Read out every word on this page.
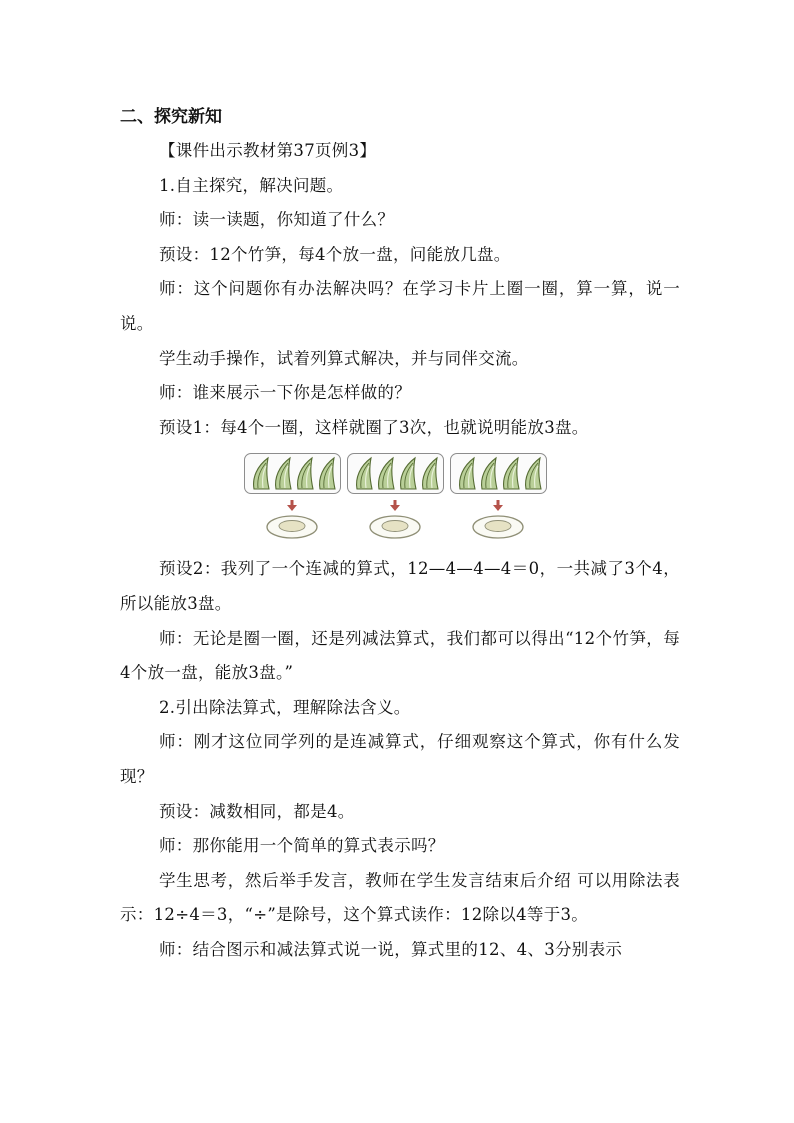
二、探究新知

【课件出示教材第37页例3】

1.自主探究，解决问题。

师：读一读题，你知道了什么？

预设：12个竹笋，每4个放一盘，问能放几盘。

师：这个问题你有办法解决吗？在学习卡片上圈一圈，算一算，说一说。

学生动手操作，试着列算式解决，并与同伴交流。

师：谁来展示一下你是怎样做的？

预设1：每4个一圈，这样就圈了3次，也就说明能放3盘。

预设2：我列了一个连减的算式，12—4—4—4＝0，一共减了3个4，所以能放3盘。

师：无论是圈一圈，还是列减法算式，我们都可以得出“12个竹笋，每4个放一盘，能放3盘。”

2.引出除法算式，理解除法含义。

师：刚才这位同学列的是连减算式，仔细观察这个算式，你有什么发现？

预设：减数相同，都是4。

师：那你能用一个简单的算式表示吗？

学生思考，然后举手发言，教师在学生发言结束后介绍 可以用除法表示：12÷4＝3，“÷”是除号，这个算式读作：12除以4等于3。

师：结合图示和减法算式说一说，算式里的12、4、3分别表示
